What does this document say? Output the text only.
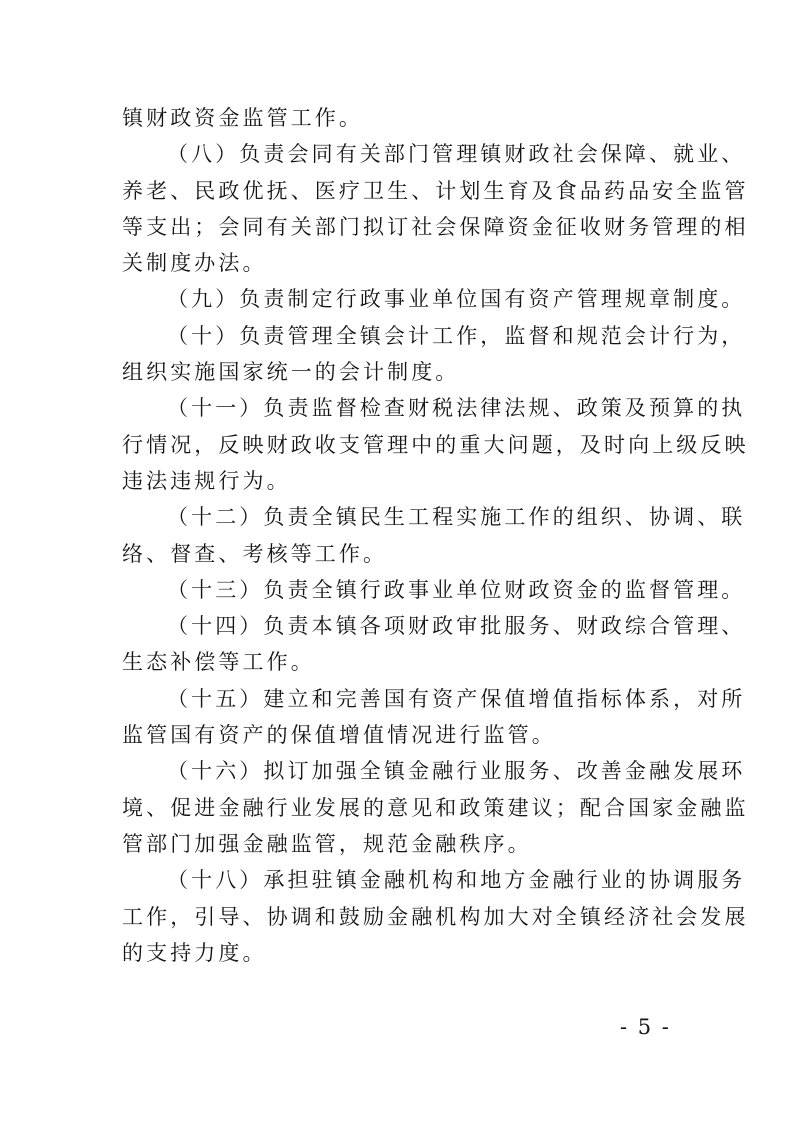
镇财政资金监管工作。
（八）负责会同有关部门管理镇财政社会保障、就业、
养老、民政优抚、医疗卫生、计划生育及食品药品安全监管
等支出；会同有关部门拟订社会保障资金征收财务管理的相
关制度办法。
（九）负责制定行政事业单位国有资产管理规章制度。
（十）负责管理全镇会计工作，监督和规范会计行为，
组织实施国家统一的会计制度。
（十一）负责监督检查财税法律法规、政策及预算的执
行情况，反映财政收支管理中的重大问题，及时向上级反映
违法违规行为。
（十二）负责全镇民生工程实施工作的组织、协调、联
络、督查、考核等工作。
（十三）负责全镇行政事业单位财政资金的监督管理。
（十四）负责本镇各项财政审批服务、财政综合管理、
生态补偿等工作。
（十五）建立和完善国有资产保值增值指标体系，对所
监管国有资产的保值增值情况进行监管。
（十六）拟订加强全镇金融行业服务、改善金融发展环
境、促进金融行业发展的意见和政策建议；配合国家金融监
管部门加强金融监管，规范金融秩序。
（十八）承担驻镇金融机构和地方金融行业的协调服务
工作，引导、协调和鼓励金融机构加大对全镇经济社会发展
的支持力度。
- 5 -
